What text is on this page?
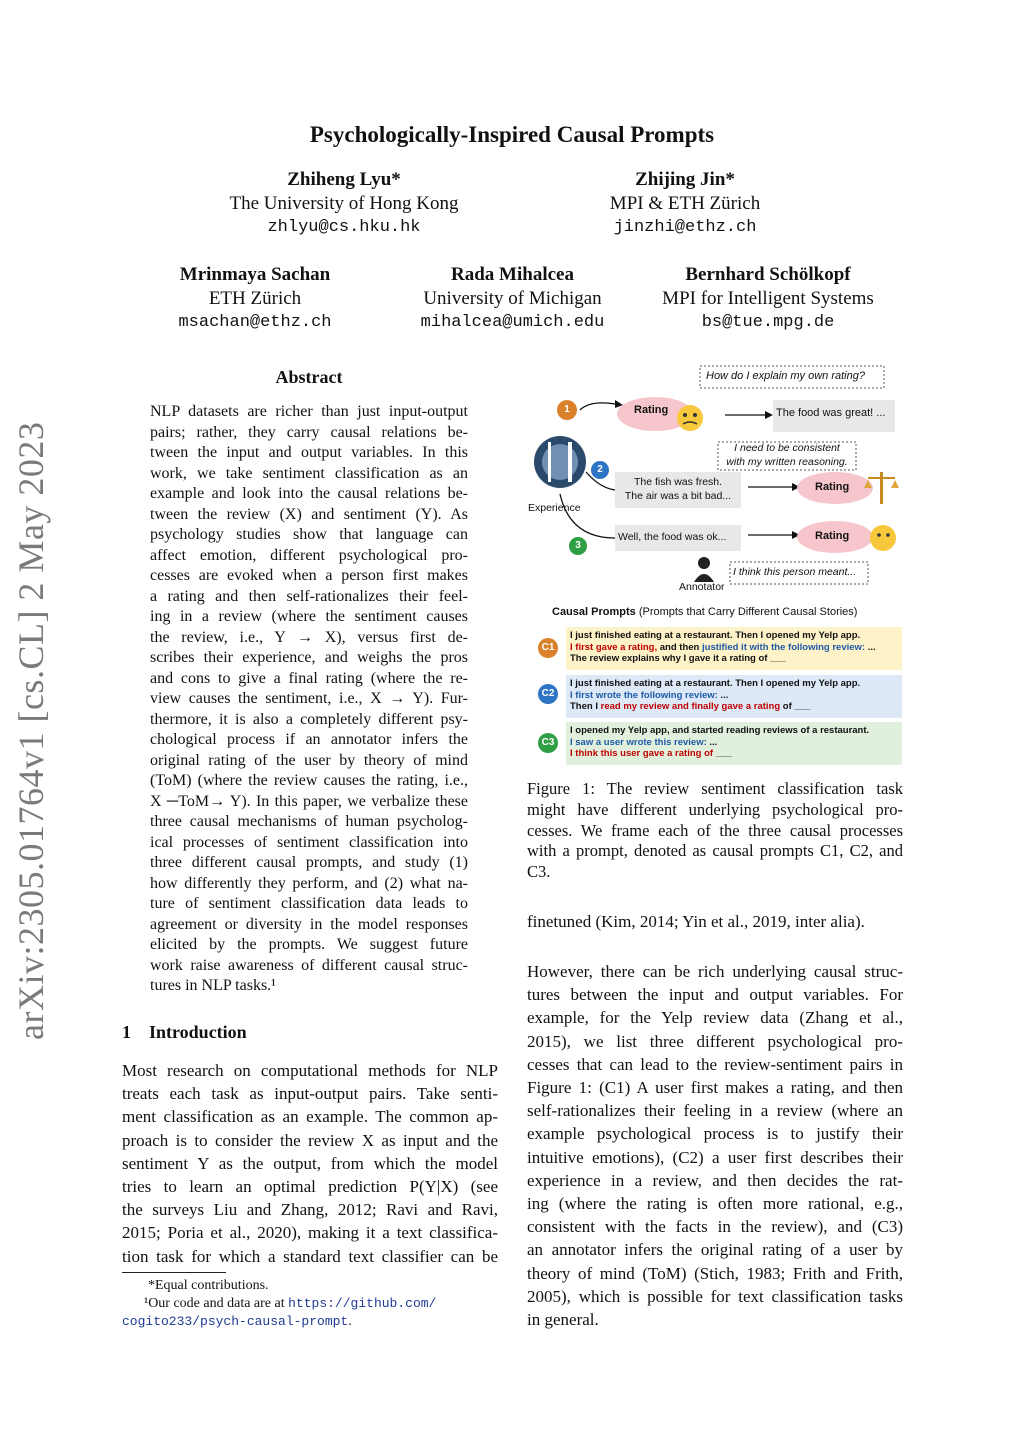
arXiv:2305.01764v1 [cs.CL] 2 May 2023
Psychologically-Inspired Causal Prompts
Zhiheng Lyu*
The University of Hong Kong
zhlyu@cs.hku.hk
Zhijing Jin*
MPI & ETH Zürich
jinzhi@ethz.ch
Mrinmaya Sachan
ETH Zürich
msachan@ethz.ch
Rada Mihalcea
University of Michigan
mihalcea@umich.edu
Bernhard Schölkopf
MPI for Intelligent Systems
bs@tue.mpg.de
Abstract
NLP datasets are richer than just input-output
pairs; rather, they carry causal relations be-
tween the input and output variables. In this
work, we take sentiment classification as an
example and look into the causal relations be-
tween the review (X) and sentiment (Y). As
psychology studies show that language can
affect emotion, different psychological pro-
cesses are evoked when a person first makes
a rating and then self-rationalizes their feel-
ing in a review (where the sentiment causes
the review, i.e., Y → X), versus first de-
scribes their experience, and weighs the pros
and cons to give a final rating (where the re-
view causes the sentiment, i.e., X → Y). Fur-
thermore, it is also a completely different psy-
chological process if an annotator infers the
original rating of the user by theory of mind
(ToM) (where the review causes the rating, i.e.,
X ─ToM→ Y). In this paper, we verbalize these
three causal mechanisms of human psycholog-
ical processes of sentiment classification into
three different causal prompts, and study (1)
how differently they perform, and (2) what na-
ture of sentiment classification data leads to
agreement or diversity in the model responses
elicited by the prompts. We suggest future
work raise awareness of different causal struc-
tures in NLP tasks.¹
1 Introduction
Most research on computational methods for NLP
treats each task as input-output pairs. Take senti-
ment classification as an example. The common ap-
proach is to consider the review X as input and the
sentiment Y as the output, from which the model
tries to learn an optimal prediction P(Y|X) (see
the surveys Liu and Zhang, 2012; Ravi and Ravi,
2015; Poria et al., 2020), making it a text classifica-
tion task for which a standard text classifier can be
*Equal contributions.
¹Our code and data are at https://github.com/
cogito233/psych-causal-prompt.
1
2
3
How do I explain my own rating?
Rating	The food was great! ...
I need to be consistent
with my written reasoning.
The fish was fresh.
The air was a bit bad...
Rating
Experience
Well, the food was ok...	Rating
I think this person meant...
Annotator
Causal Prompts (Prompts that Carry Different Causal Stories)
C1
I just finished eating at a restaurant. Then I opened my Yelp app.
I first gave a rating, and then justified it with the following review: ...
The review explains why I gave it a rating of ___
C2
I just finished eating at a restaurant. Then I opened my Yelp app.
I first wrote the following review: ...
Then I read my review and finally gave a rating of ___
C3
I opened my Yelp app, and started reading reviews of a restaurant.
I saw a user wrote this review: ...
I think this user gave a rating of ___
Figure 1: The review sentiment classification task
might have different underlying psychological pro-
cesses. We frame each of the three causal processes
with a prompt, denoted as causal prompts C1, C2, and
C3.
finetuned (Kim, 2014; Yin et al., 2019, inter alia).
However, there can be rich underlying causal struc-
tures between the input and output variables. For
example, for the Yelp review data (Zhang et al.,
2015), we list three different psychological pro-
cesses that can lead to the review-sentiment pairs in
Figure 1: (C1) A user first makes a rating, and then
self-rationalizes their feeling in a review (where an
example psychological process is to justify their
intuitive emotions), (C2) a user first describes their
experience in a review, and then decides the rat-
ing (where the rating is often more rational, e.g.,
consistent with the facts in the review), and (C3)
an annotator infers the original rating of a user by
theory of mind (ToM) (Stich, 1983; Frith and Frith,
2005), which is possible for text classification tasks
in general.
